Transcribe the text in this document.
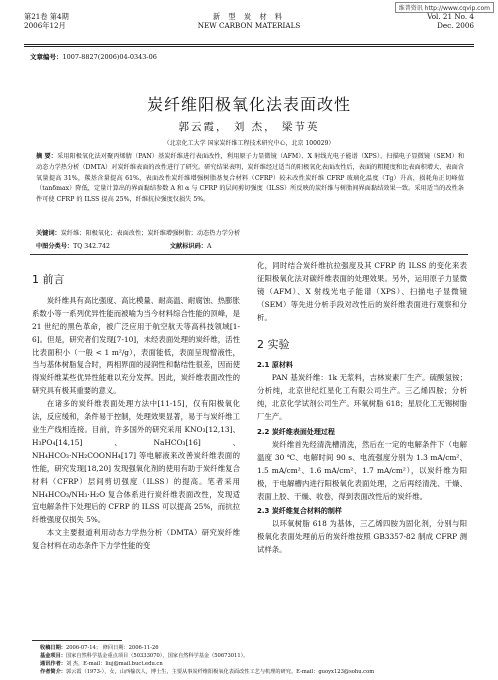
维普资讯 http://www.cqvip.com
第21卷 第4期
2006年12月
新 型 炭 材 料
NEW CARBON MATERIALS
Vol. 21 No. 4
Dec. 2006
文章编号：1007-8827(2006)04-0343-06
炭纤维阳极氧化法表面改性
郭云霞， 刘 杰， 梁节英
（北京化工大学 国家炭纤维工程技术研究中心，北京 100029）
摘 要：采用阳极氧化法对聚丙烯腈（PAN）基炭纤维进行表面改性，利用原子力显微镜（AFM）、X 射线光电子能谱（XPS）、扫描电子显微镜（SEM）和动态力学热分析（DMTA）对炭纤维表面的改性进行了研究。研究结果表明，炭纤维经过适当的阳极氧化表面改性后，表面的粗糙度和比表面积增大，表面含氧量提高 31%，羰基含量提高 61%，表面改性炭纤维增强树脂基复合材料（CFRP）较未改性炭纤维 CFRP 玻璃化温度（Tg）升高，损耗角正切峰值（tanδmax）降低，定量计算出的界面黏结参数 A 和 α 与 CFRP 的层间剪切强度（ILSS）所反映的炭纤维与树脂间界面黏结效果一致。采用适当的改性条件可使 CFRP 的 ILSS 提高 25%，纤维抗拉强度仅损失 5%。
关键词：炭纤维；阳极氧化；表面改性；炭纤维增强树脂；动态热力学分析
中图分类号：TQ 342.742	文献标识码：A
1 前言

炭纤维具有高比强度、高比模量、耐高温、耐腐蚀、热膨胀系数小等一系列优异性能而被喻为当今材料综合性能的顶峰，是 21 世纪的黑色革命，被广泛应用于航空航天等高科技领域[1-6]。但是，研究者们发现[7-10]，未经表面处理的炭纤维，活性比表面积小（一般 < 1 m²/g），表面能低，表面呈现憎液性，当与基体树脂复合时，两相界面的浸润性和黏结性很差，因而使得炭纤维某些优异性能难以充分发挥。因此，炭纤维表面改性的研究具有极其重要的意义。

在诸多的炭纤维表面处理方法中[11-15]，仅有阳极氧化法，反应缓和，条件易于控制，处理效果显著，易于与炭纤维工业生产线相连接。目前，许多国外的研究采用 KNO₃[12,13]、H₃PO₄[14,15]、NaHCO₃[16]、NH₄HCO₃·NH₂COONH₄[17] 等电解液来改善炭纤维表面的性能，研究发现[18,20] 发现强氧化剂的使用有助于炭纤维复合材料（CFRP）层间剪切强度（ILSS）的提高。笔者采用 NH₄HCO₃/NH₃·H₂O 复合体系进行炭纤维表面改性，发现适宜电解条件下处理后的 CFRP 的 ILSS 可以提高 25%，而抗拉纤维强度仅损失 5%。

本文主要报道利用动态力学热分析（DMTA）研究炭纤维复合材料在动态条件下力学性能的变

化，同时结合炭纤维抗拉强度及其 CFRP 的 ILSS 的变化来表征阳极氧化法对碳纤维表面的处理效果。另外，运用原子力显微镜（AFM）、X 射线光电子能谱（XPS）、扫描电子显微镜（SEM）等先进分析手段对改性后的炭纤维表面进行观察和分析。

2 实验
2.1 原材料

PAN 基炭纤维：1k 无浆料，吉林炭素厂生产。硫酸氢铵；分析纯，北京世纪红星化工有限公司生产。三乙烯四胺；分析纯，北京化学试剂公司生产。环氧树脂 618；星辰化工无锡树脂厂生产。

2.2 炭纤维表面处理过程

炭纤维首先经清洗槽清洗，然后在一定的电解条件下（电解温度 30 ℃、电解时间 90 s、电流强度分别为 1.3 mA/cm²、1.5 mA/cm²、1.6 mA/cm²、1.7 mA/cm²），以炭纤维为阳极，于电解槽内进行阳极氧化表面处理，之后再经清洗、干燥、表面上胶、干燥、收卷，得到表面改性后的炭纤维。

2.3 炭纤维复合材料的制样

以环氧树脂 618 为基体，三乙烯四胺为固化剂，分别与阳极氧化表面处理前后的炭纤维按照 GB3357-82 制成 CFRP 测试样条。

收稿日期：2006-07-14； 修回日期：2006-11-26
基金项目：国家自然科学基金重点项目（50333070），国家自然科学基金（50673011）。
通讯作者：刘 杰，E-mail：liuj@mail.buct.edu.cn
作者简介：郭云霞（1973-），女，山西榆次人，博士生，主要从事炭纤维阳极氧化表面改性工艺与机理的研究。E-mail：guoyx123@sohu.com
